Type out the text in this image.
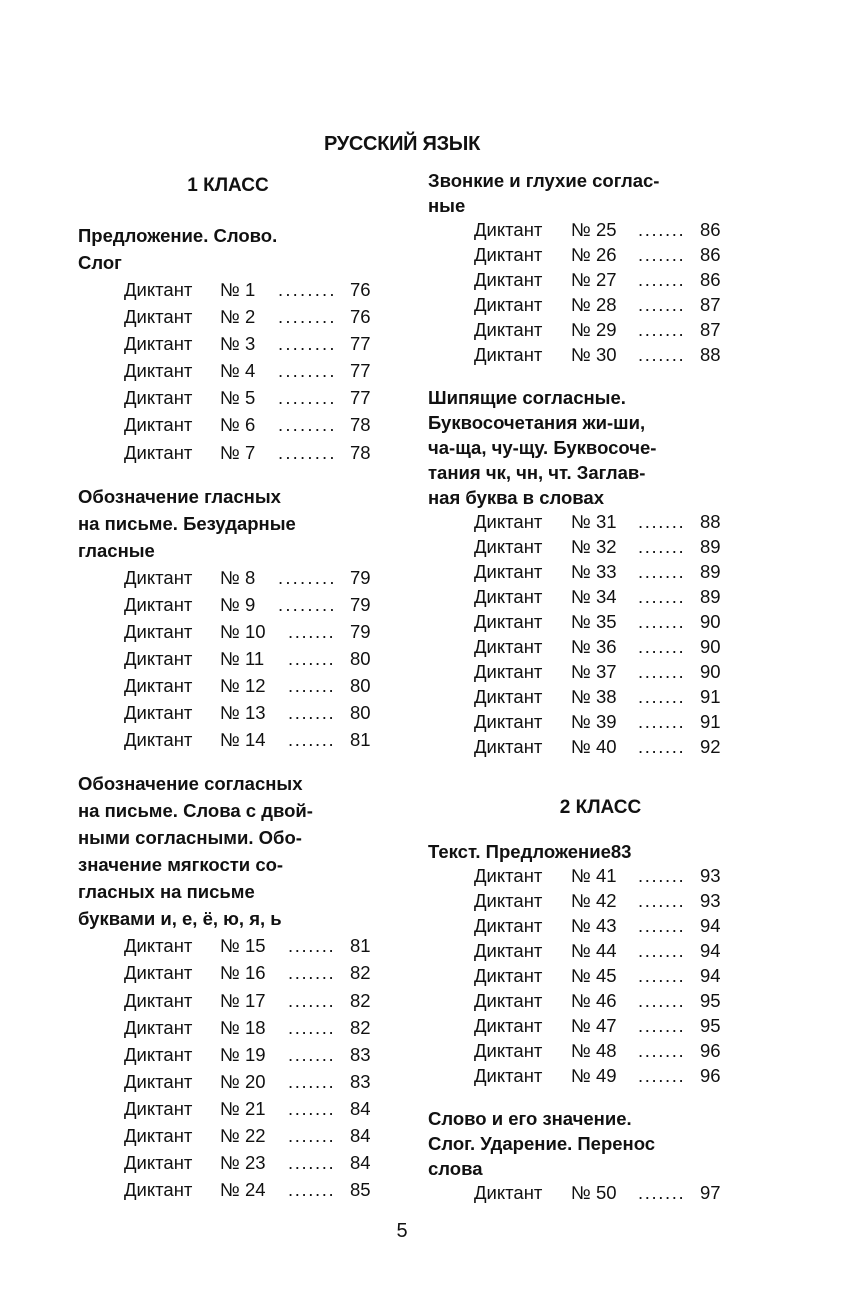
РУССКИЙ ЯЗЫК
1 КЛАСС
Предложение. Слово.
Слог
Диктант № 1 ........ 76
Диктант № 2 ........ 76
Диктант № 3 ........ 77
Диктант № 4 ........ 77
Диктант № 5 ........ 77
Диктант № 6 ........ 78
Диктант № 7 ........ 78
Обозначение гласных
на письме. Безударные
гласные
Диктант № 8 ........ 79
Диктант № 9 ........ 79
Диктант № 10 ....... 79
Диктант № 11 ....... 80
Диктант № 12 ....... 80
Диктант № 13 ....... 80
Диктант № 14 ....... 81
Обозначение согласных
на письме. Слова с двой-
ными согласными. Обо-
значение мягкости со-
гласных на письме
буквами и, е, ё, ю, я, ь
Диктант № 15 ....... 81
Диктант № 16 ....... 82
Диктант № 17 ....... 82
Диктант № 18 ....... 82
Диктант № 19 ....... 83
Диктант № 20 ....... 83
Диктант № 21 ....... 84
Диктант № 22 ....... 84
Диктант № 23 ....... 84
Диктант № 24 ....... 85
Звонкие и глухие соглас-
ные
Диктант № 25 ....... 86
Диктант № 26 ....... 86
Диктант № 27 ....... 86
Диктант № 28 ....... 87
Диктант № 29 ....... 87
Диктант № 30 ....... 88
Шипящие согласные.
Буквосочетания жи-ши,
ча-ща, чу-щу. Буквосоче-
тания чк, чн, чт. Заглав-
ная буква в словах
Диктант № 31 ....... 88
Диктант № 32 ....... 89
Диктант № 33 ....... 89
Диктант № 34 ....... 89
Диктант № 35 ....... 90
Диктант № 36 ....... 90
Диктант № 37 ....... 90
Диктант № 38 ....... 91
Диктант № 39 ....... 91
Диктант № 40 ....... 92
2 КЛАСС
Текст. Предложение83
Диктант № 41 ....... 93
Диктант № 42 ....... 93
Диктант № 43 ....... 94
Диктант № 44 ....... 94
Диктант № 45 ....... 94
Диктант № 46 ....... 95
Диктант № 47 ....... 95
Диктант № 48 ....... 96
Диктант № 49 ....... 96
Слово и его значение.
Слог. Ударение. Перенос
слова
Диктант № 50 ....... 97
5
